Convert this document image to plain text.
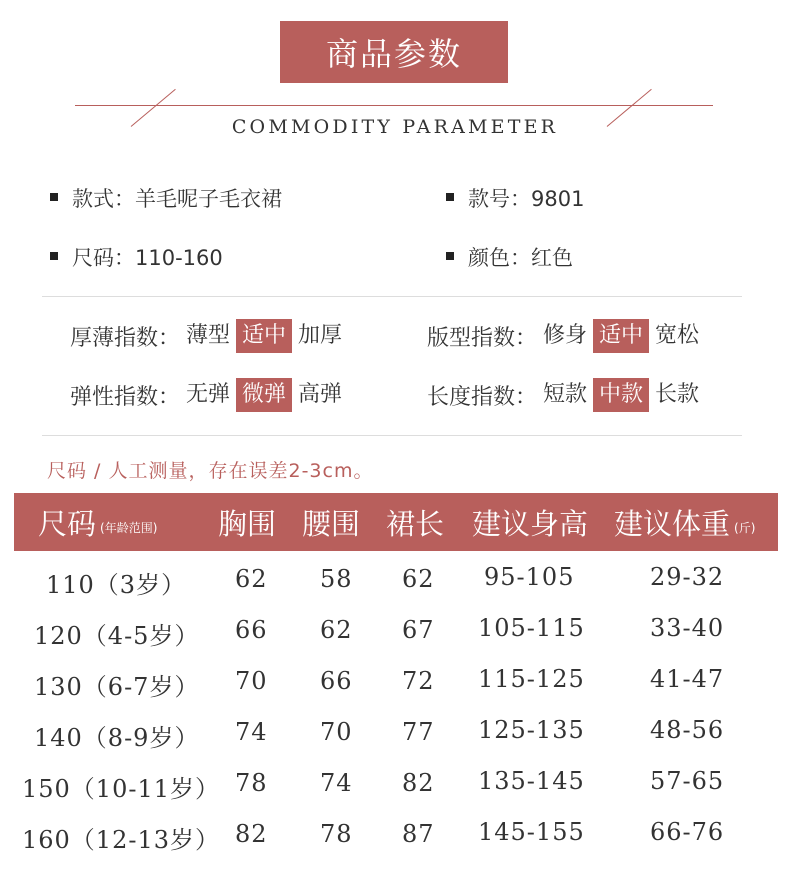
商品参数
COMMODITY PARAMETER
款式：羊毛呢子毛衣裙	款号：9801
尺码：110-160	颜色：红色
厚薄指数： 薄型 适中 加厚	版型指数： 修身 适中 宽松
弹性指数： 无弹 微弹 高弹	长度指数： 短款 中款 长款
尺码 / 人工测量，存在误差2-3cm。
尺码 (年龄范围) 胸围 腰围 裙长 建议身高 建议体重 (斤)
110（3岁） 62 58 62 95-105	29-32
120（4-5岁） 66 62 67 105-115	33-40
130（6-7岁） 70 66 72 115-125	41-47
140（8-9岁） 74 70 77 125-135	48-56
150（10-11岁） 78 74 82 135-145	57-65
160（12-13岁） 82 78 87 145-155	66-76
